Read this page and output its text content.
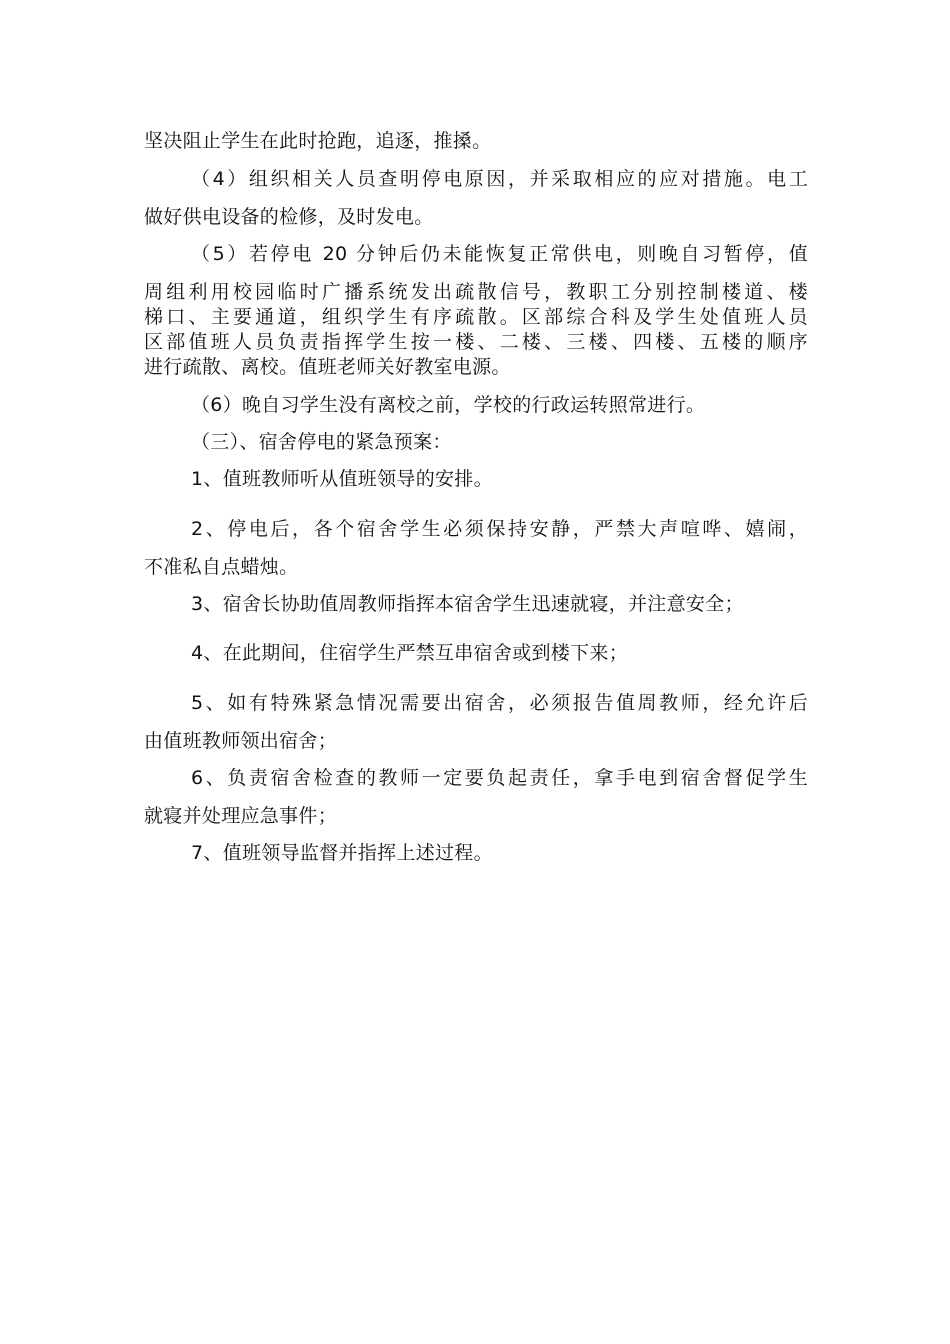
坚决阻止学生在此时抢跑，追逐，推搡。
（4）组织相关人员查明停电原因，并采取相应的应对措施。电工
做好供电设备的检修，及时发电。
（5）若停电 20 分钟后仍未能恢复正常供电，则晚自习暂停，值
周组利用校园临时广播系统发出疏散信号，教职工分别控制楼道、楼
梯口、主要通道，组织学生有序疏散。区部综合科及学生处值班人员
区部值班人员负责指挥学生按一楼、二楼、三楼、四楼、五楼的顺序
进行疏散、离校。值班老师关好教室电源。
（6）晚自习学生没有离校之前，学校的行政运转照常进行。
（三）、宿舍停电的紧急预案：
1、值班教师听从值班领导的安排。
2、停电后，各个宿舍学生必须保持安静，严禁大声喧哗、嬉闹，
不准私自点蜡烛。
3、宿舍长协助值周教师指挥本宿舍学生迅速就寝，并注意安全；
4、在此期间，住宿学生严禁互串宿舍或到楼下来；
5、如有特殊紧急情况需要出宿舍，必须报告值周教师，经允许后
由值班教师领出宿舍；
6、负责宿舍检查的教师一定要负起责任，拿手电到宿舍督促学生
就寝并处理应急事件；
7、值班领导监督并指挥上述过程。
